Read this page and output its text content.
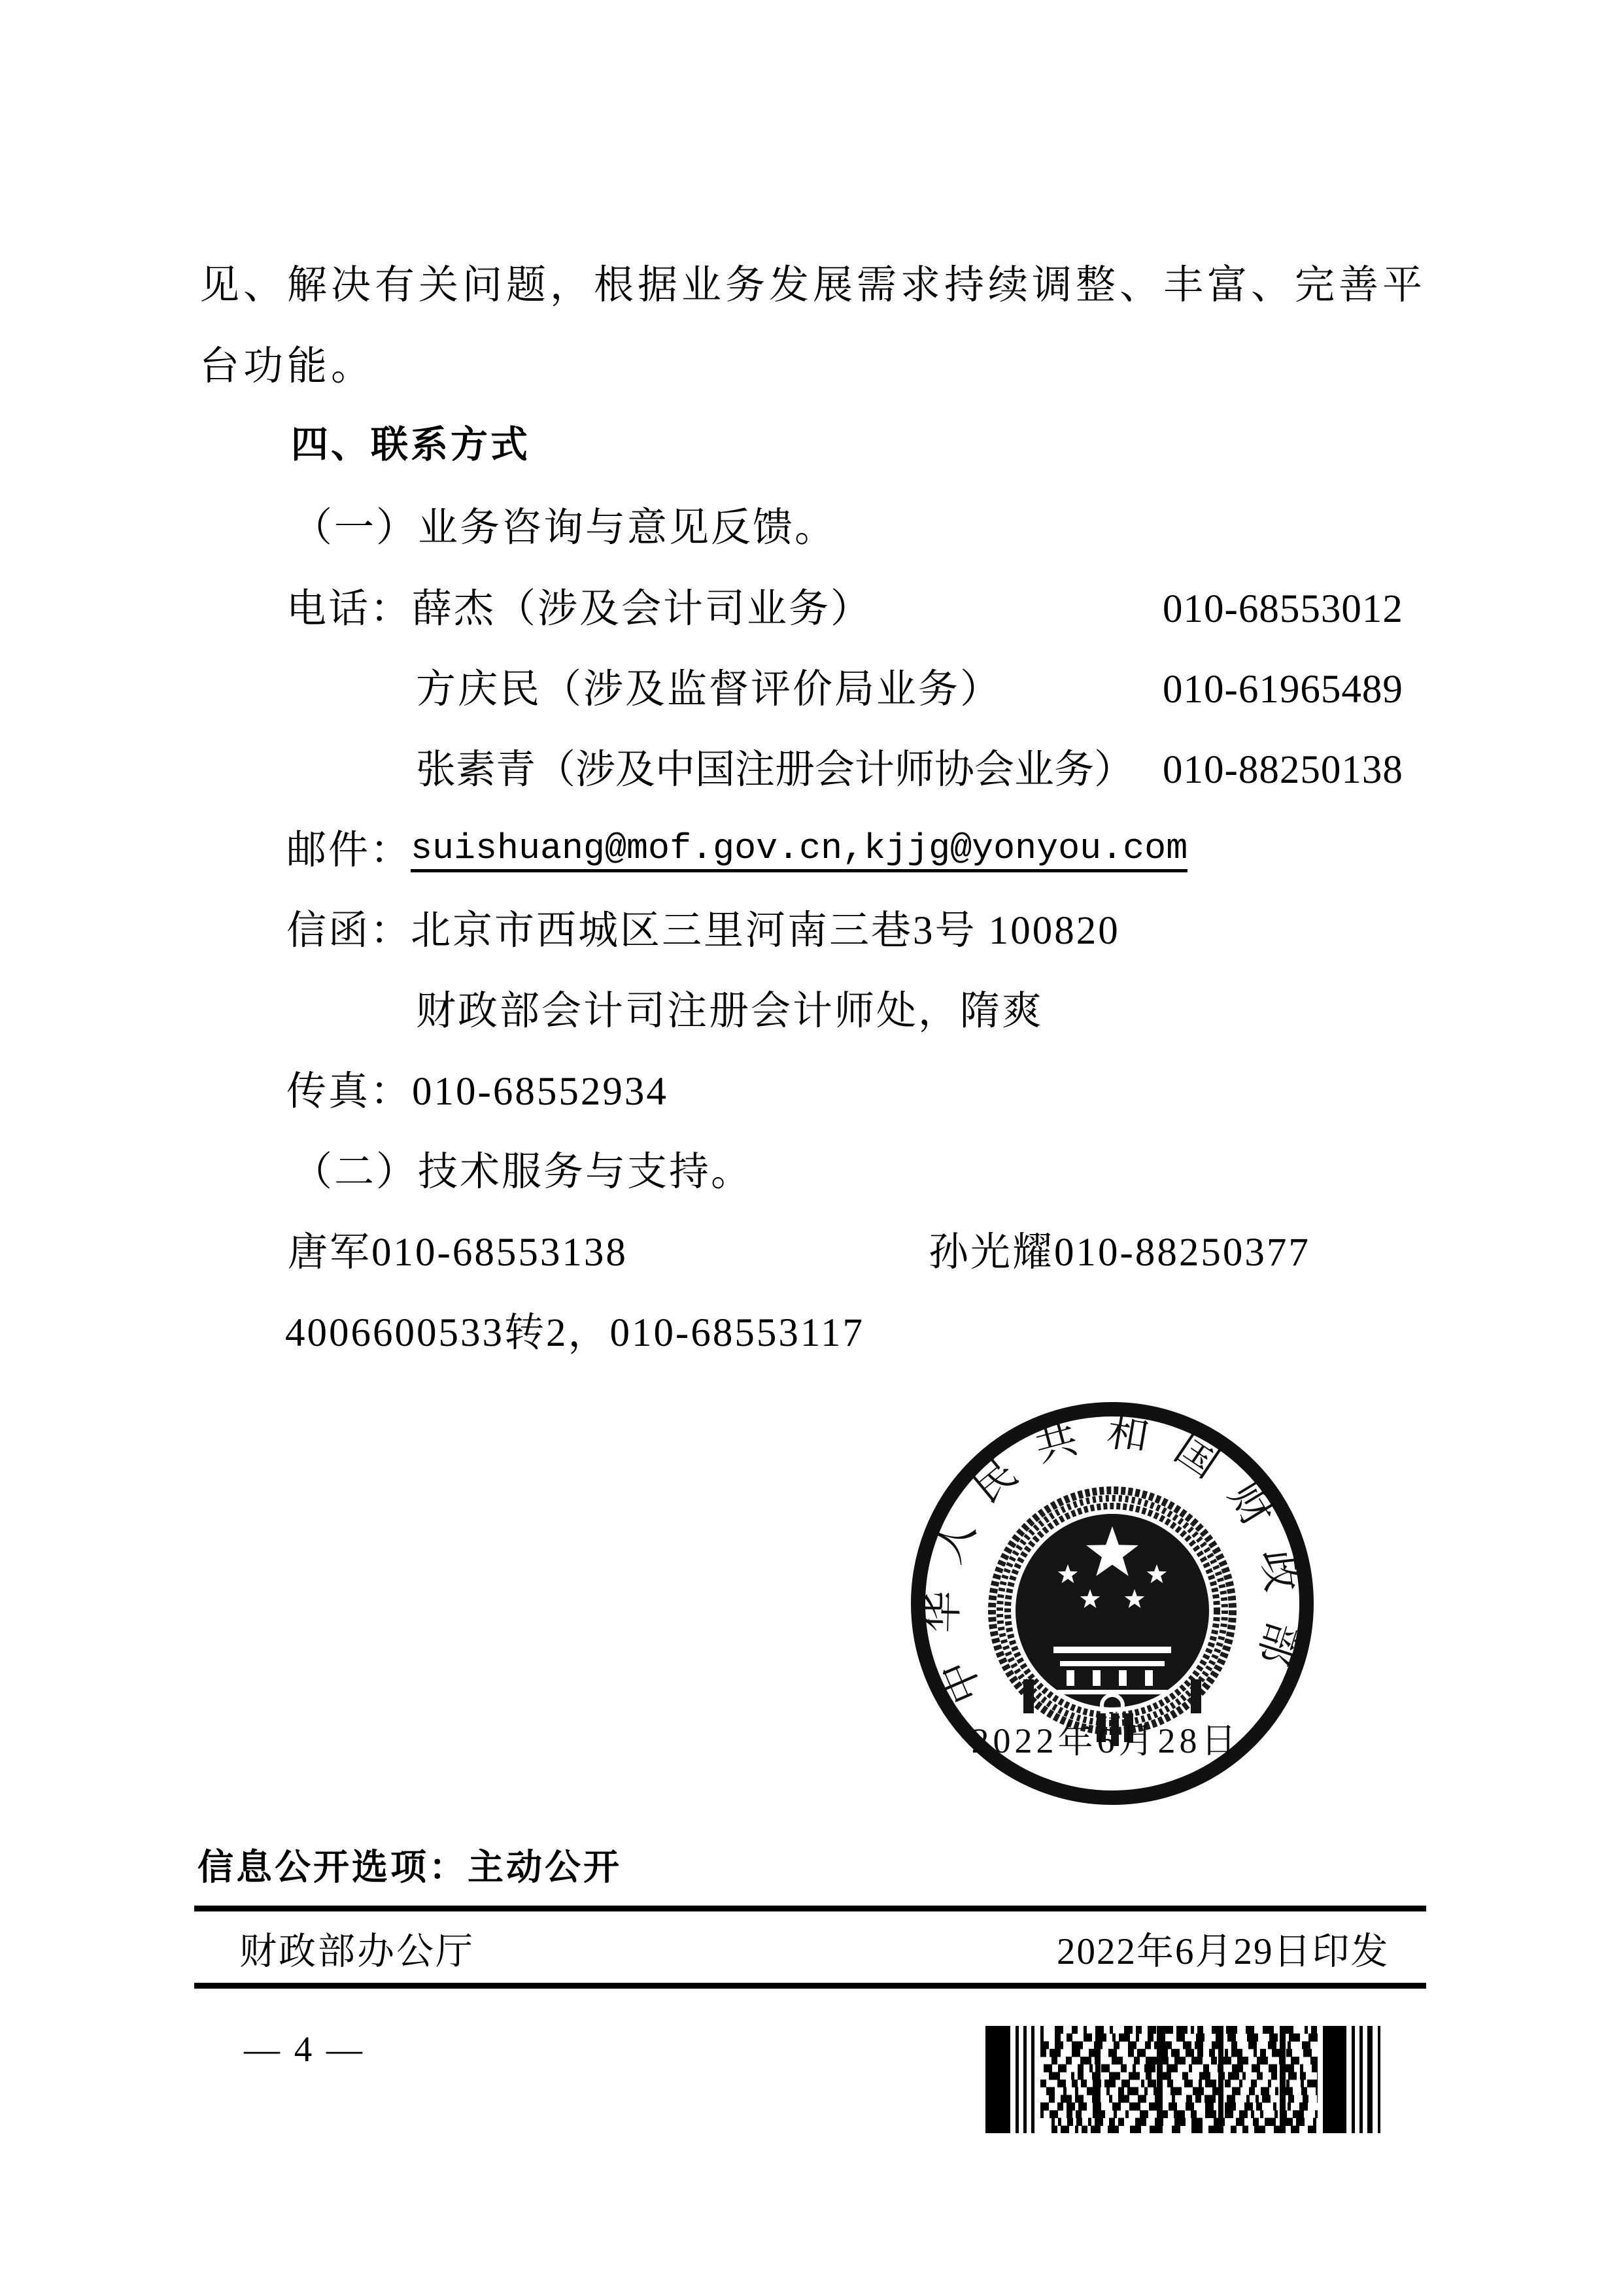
见、解决有关问题，根据业务发展需求持续调整、丰富、完善平
台功能。
四、联系方式
（一）业务咨询与意见反馈。
电话：薛杰（涉及会计司业务）	010-68553012
方庆民（涉及监督评价局业务）	010-61965489
张素青（涉及中国注册会计师协会业务） 010-88250138
邮件：
suishuang@mof.gov.cn,kjjg@yonyou.com
信函：
北京市西城区三里河南三巷3号 100820
财政部会计司注册会计师处，隋爽
传真：010-68552934
（二）技术服务与支持。
唐军010-68553138	孙光耀010-88250377
4006600533转2，010-68553117
中华人民共和国财政部
2022年6月28日
信息公开选项：主动公开
财政部办公厅	2022年6月29日印发
— 4 —
